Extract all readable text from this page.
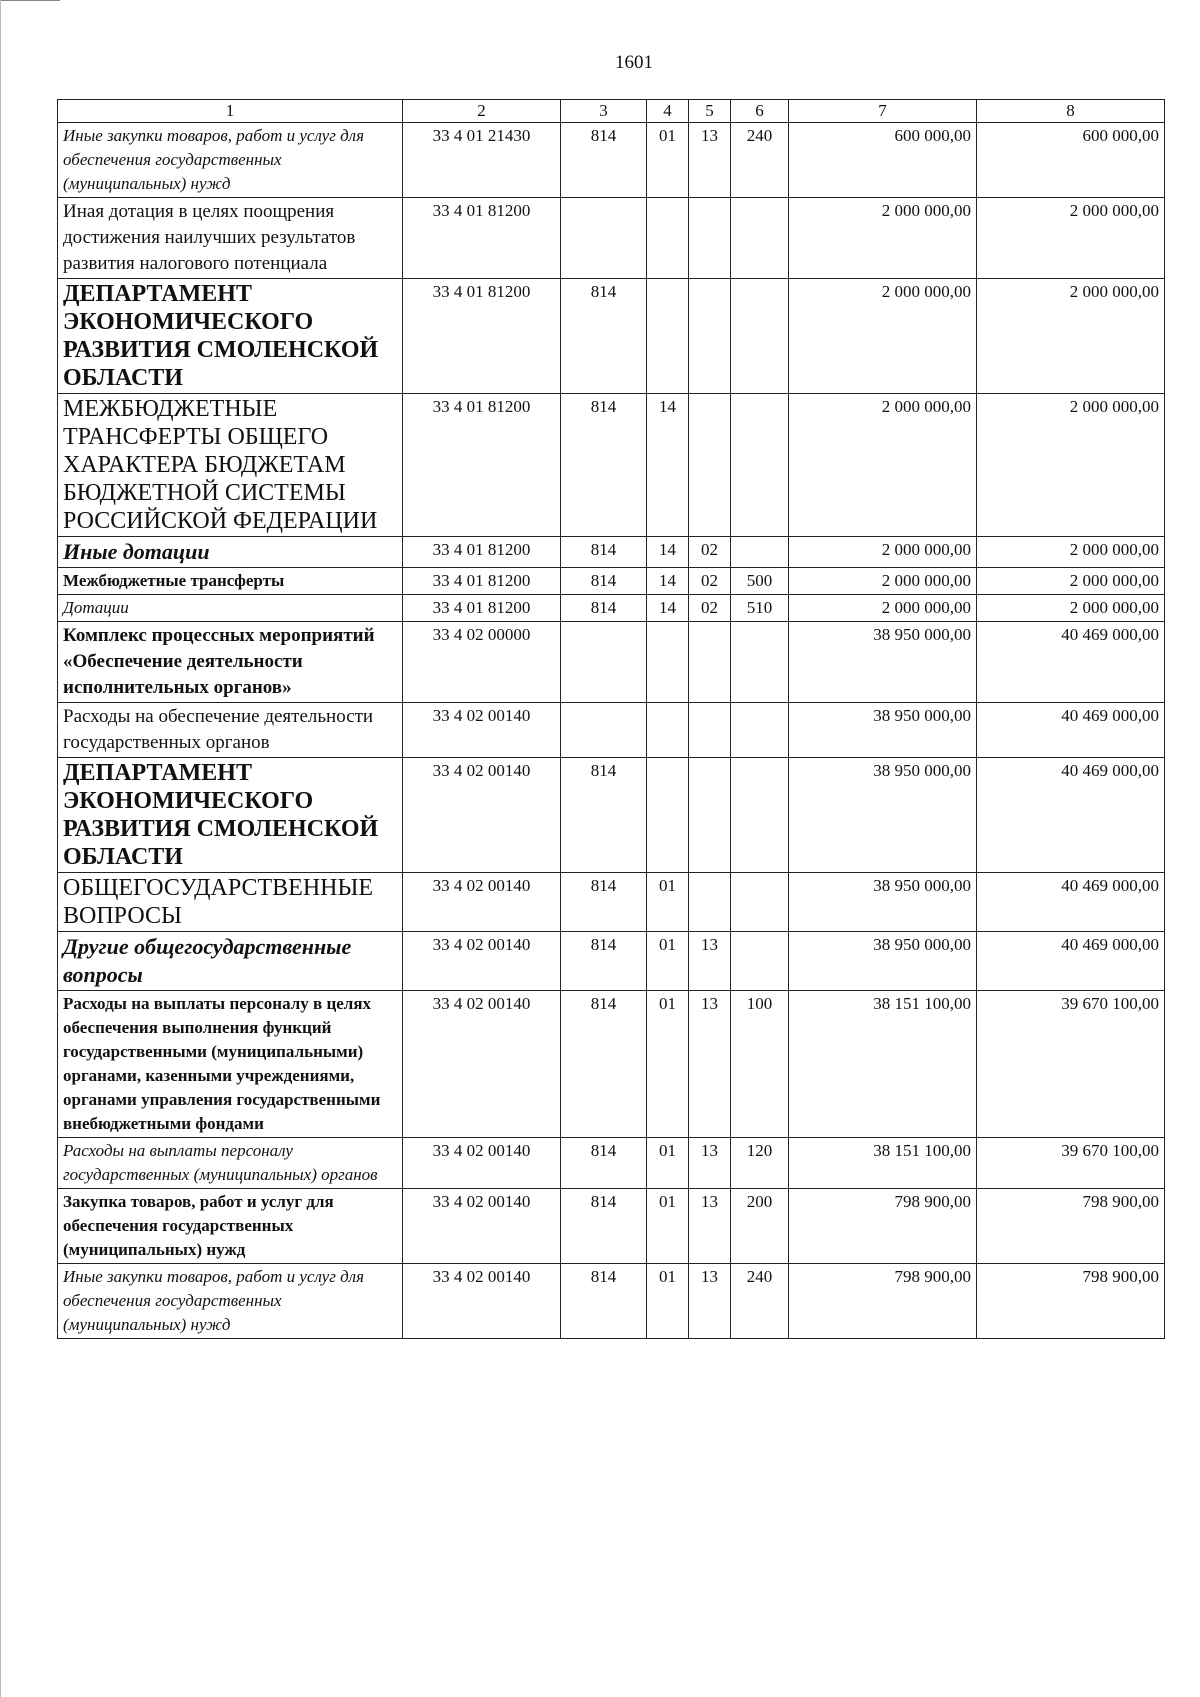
1601
1	2	3	4	5	6	7	8
Иные закупки товаров, работ и услуг для обеспечения государственных (муниципальных) нужд	33 4 01 21430	814	01	13	240	600 000,00	600 000,00
Иная дотация в целях поощрения достижения наилучших результатов развития налогового потенциала	33 4 01 81200					2 000 000,00	2 000 000,00
ДЕПАРТАМЕНТ ЭКОНОМИЧЕСКОГО РАЗВИТИЯ СМОЛЕНСКОЙ ОБЛАСТИ	33 4 01 81200	814				2 000 000,00	2 000 000,00
МЕЖБЮДЖЕТНЫЕ ТРАНСФЕРТЫ ОБЩЕГО ХАРАКТЕРА БЮДЖЕТАМ БЮДЖЕТНОЙ СИСТЕМЫ РОССИЙСКОЙ ФЕДЕРАЦИИ	33 4 01 81200	814	14			2 000 000,00	2 000 000,00
Иные дотации	33 4 01 81200	814	14	02		2 000 000,00	2 000 000,00
Межбюджетные трансферты	33 4 01 81200	814	14	02	500	2 000 000,00	2 000 000,00
Дотации	33 4 01 81200	814	14	02	510	2 000 000,00	2 000 000,00
Комплекс процессных мероприятий «Обеспечение деятельности исполнительных органов»	33 4 02 00000					38 950 000,00	40 469 000,00
Расходы на обеспечение деятельности государственных органов	33 4 02 00140					38 950 000,00	40 469 000,00
ДЕПАРТАМЕНТ ЭКОНОМИЧЕСКОГО РАЗВИТИЯ СМОЛЕНСКОЙ ОБЛАСТИ	33 4 02 00140	814				38 950 000,00	40 469 000,00
ОБЩЕГОСУДАРСТВЕННЫЕ ВОПРОСЫ	33 4 02 00140	814	01			38 950 000,00	40 469 000,00
Другие общегосударственные вопросы	33 4 02 00140	814	01	13		38 950 000,00	40 469 000,00
Расходы на выплаты персоналу в целях обеспечения выполнения функций государственными (муниципальными) органами, казенными учреждениями, органами управления государственными внебюджетными фондами	33 4 02 00140	814	01	13	100	38 151 100,00	39 670 100,00
Расходы на выплаты персоналу государственных (муниципальных) органов	33 4 02 00140	814	01	13	120	38 151 100,00	39 670 100,00
Закупка товаров, работ и услуг для обеспечения государственных (муниципальных) нужд	33 4 02 00140	814	01	13	200	798 900,00	798 900,00
Иные закупки товаров, работ и услуг для обеспечения государственных (муниципальных) нужд	33 4 02 00140	814	01	13	240	798 900,00	798 900,00
